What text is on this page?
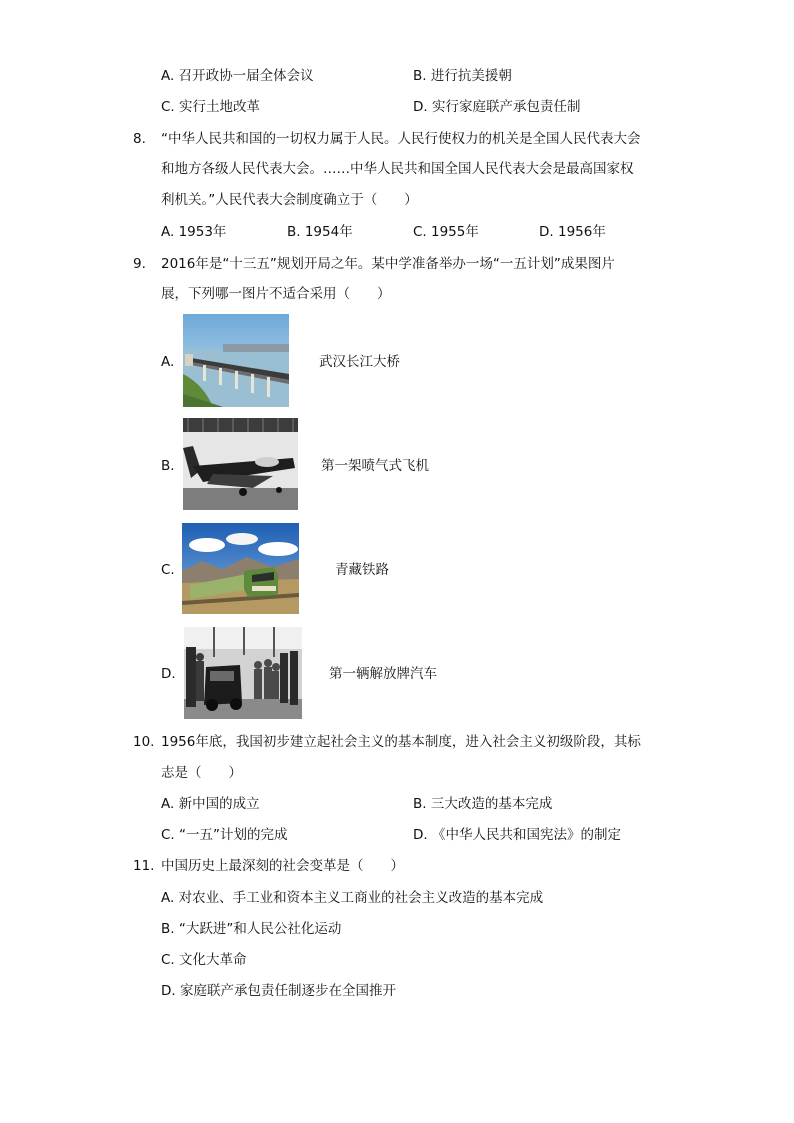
A. 召开政协一届全体会议	B. 进行抗美援朝
C. 实行土地改革	D. 实行家庭联产承包责任制
8. “中华人民共和国的一切权力属于人民。人民行使权力的机关是全国人民代表大会
和地方各级人民代表大会。……中华人民共和国全国人民代表大会是最高国家权
利机关。”人民代表大会制度确立于（　　）
A. 1953年	B. 1954年	C. 1955年	D. 1956年
9. 2016年是“十三五”规划开局之年。某中学准备举办一场“一五计划”成果图片
展，下列哪一图片不适合采用（　　）
A.	武汉长江大桥
B.	第一架喷气式飞机
C.	青藏铁路
D.	第一辆解放牌汽车
10. 1956年底，我国初步建立起社会主义的基本制度，进入社会主义初级阶段，其标
志是（　　）
A. 新中国的成立	B. 三大改造的基本完成
C. “一五”计划的完成	D. 《中华人民共和国宪法》的制定
11. 中国历史上最深刻的社会变革是（　　）
A. 对农业、手工业和资本主义工商业的社会主义改造的基本完成
B. “大跃进”和人民公社化运动
C. 文化大革命
D. 家庭联产承包责任制逐步在全国推开
